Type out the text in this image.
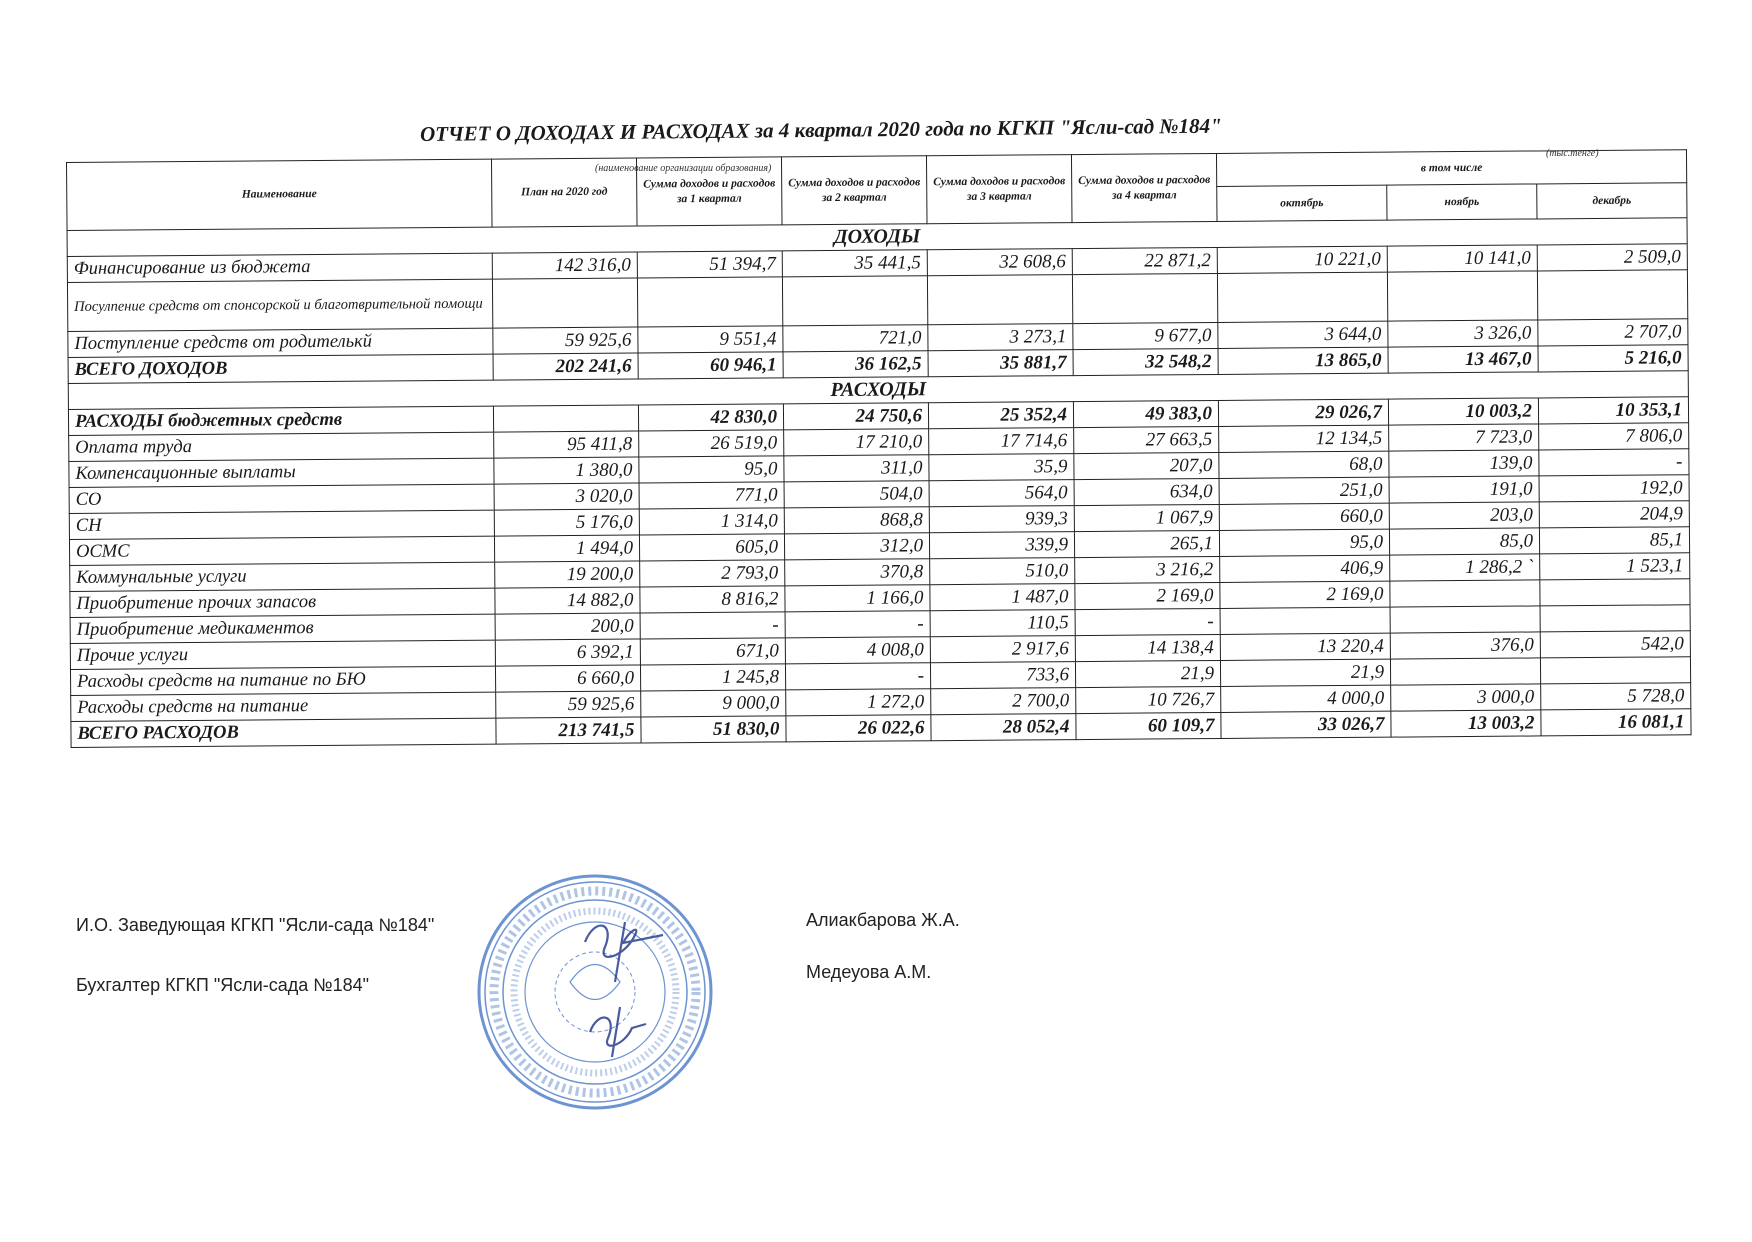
ОТЧЕТ О ДОХОДАХ И РАСХОДАХ за 4 квартал 2020 года по КГКП "Ясли-сад №184"
(тыс.тенге)
(наименование организации образования)
Наименование	План на 2020 год	Сумма доходов и расходов за 1 квартал	Сумма доходов и расходов за 2 квартал	Сумма доходов и расходов за 3 квартал	Сумма доходов и расходов за 4 квартал	в том числе		
						октябрь	ноябрь	декабрь
ДОХОДЫ								
Финансирование из бюджета	142 316,0	51 394,7	35 441,5	32 608,6	22 871,2	10 221,0	10 141,0	2 509,0
Посулпение средств от спонсорской и благотврительной помощи								
Поступление средств от родителькй	59 925,6	9 551,4	721,0	3 273,1	9 677,0	3 644,0	3 326,0	2 707,0
ВСЕГО ДОХОДОВ	202 241,6	60 946,1	36 162,5	35 881,7	32 548,2	13 865,0	13 467,0	5 216,0
РАСХОДЫ								
РАСХОДЫ бюджетных средств		42 830,0	24 750,6	25 352,4	49 383,0	29 026,7	10 003,2	10 353,1
Оплата труда	95 411,8	26 519,0	17 210,0	17 714,6	27 663,5	12 134,5	7 723,0	7 806,0
Компенсационные выплаты	1 380,0	95,0	311,0	35,9	207,0	68,0	139,0	-
СО	3 020,0	771,0	504,0	564,0	634,0	251,0	191,0	192,0
СН	5 176,0	1 314,0	868,8	939,3	1 067,9	660,0	203,0	204,9
ОСМС	1 494,0	605,0	312,0	339,9	265,1	95,0	85,0	85,1
Коммунальные услуги	19 200,0	2 793,0	370,8	510,0	3 216,2	406,9	1 286,2 `	1 523,1
Приобритение прочих запасов	14 882,0	8 816,2	1 166,0	1 487,0	2 169,0	2 169,0		
Приобритение медикаментов	200,0	-	-	110,5	-			
Прочие услуги	6 392,1	671,0	4 008,0	2 917,6	14 138,4	13 220,4	376,0	542,0
Расходы средств на питание по БЮ	6 660,0	1 245,8	-	733,6	21,9	21,9		
Расходы средств на питание	59 925,6	9 000,0	1 272,0	2 700,0	10 726,7	4 000,0	3 000,0	5 728,0
ВСЕГО РАСХОДОВ	213 741,5	51 830,0	26 022,6	28 052,4	60 109,7	33 026,7	13 003,2	16 081,1
И.О. Заведующая КГКП "Ясли-сада №184"	Алиакбарова Ж.А.
Бухгалтер КГКП "Ясли-сада №184"
Медеуова А.М.
